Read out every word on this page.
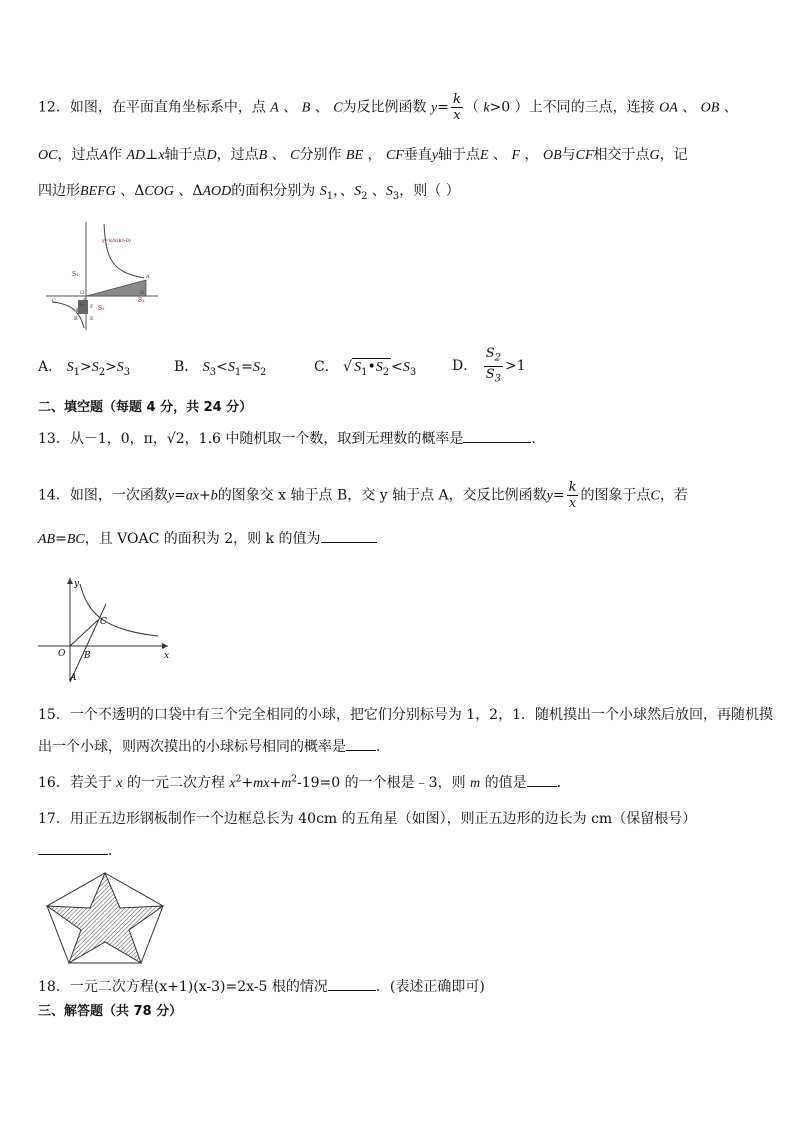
12．如图，在平面直角坐标系中，点 A 、 B 、 C为反比例函数 $y= \frac{k}{x}$ （ k>0 ）上不同的三点，连接 OA 、 OB 、
OC，过点A作 AD⊥x轴于点D，过点B 、 C分别作 BE ， CF垂直y轴于点E 、 F ， OB与CF相交于点G，记
四边形BEFG 、ΔCOG 、ΔAOD的面积分别为 $S_1$，、$S_2$ 、$S_3$，则（ ）
S₁
S₂
S₃
A
B
C
D
E
F
G
O
y=k/x(k>0)
A． $S_1>S_2>S_3$	B． $S_3<S_1=S_2$	C． √ $S_1•S_2 <S_3$	D． $\frac{S_2}{S_3} >1$
二、填空题（每题 4 分，共 24 分）
13．从－1，0，π，√2，1.6 中随机取一个数，取到无理数的概率是	．
14．如图，一次函数y=ax+b的图象交 x 轴于点 B，交 y 轴于点 A，交反比例函数$y= \frac{k}{x}$ 的图象于点C，若
AB=BC，且 VOAC 的面积为 2，则 k 的值为
y
x
O B
C
A
15．一个不透明的口袋中有三个完全相同的小球，把它们分别标号为 1，2，1．随机摸出一个小球然后放回，再随机摸
出一个小球，则两次摸出的小球标号相同的概率是 ．
16．若关于 x 的一元二次方程 $x^2+mx+m^2-19=0$ 的一个根是﹣3，则 m 的值是 ．
17．用正五边形钢板制作一个边框总长为 40cm 的五角星（如图），则正五边形的边长为 cm（保留根号）
．
18．一元二次方程(x+1)(x-3)=2x-5 根的情况	．(表述正确即可)
三、解答题（共 78 分）
